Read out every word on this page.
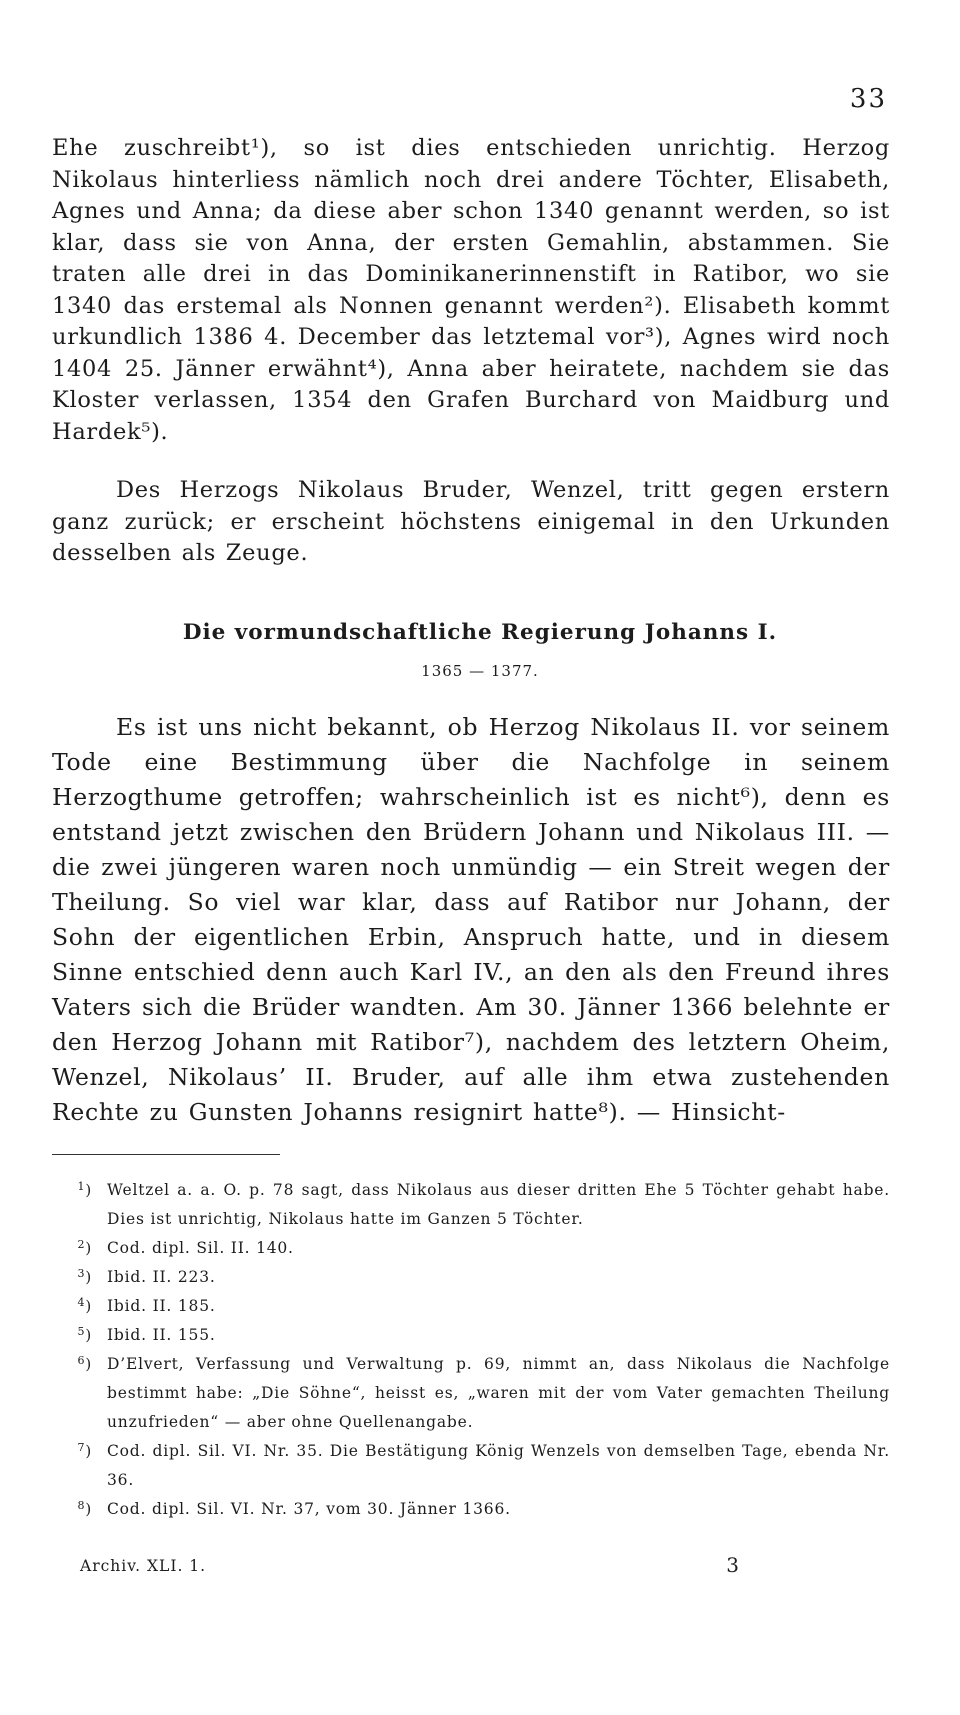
33

Ehe zuschreibt¹), so ist dies entschieden unrichtig. Herzog Nikolaus hinterliess nämlich noch drei andere Töchter, Elisabeth, Agnes und Anna; da diese aber schon 1340 genannt werden, so ist klar, dass sie von Anna, der ersten Gemahlin, abstammen. Sie traten alle drei in das Dominikanerinnenstift in Ratibor, wo sie 1340 das erstemal als Nonnen genannt werden²). Elisabeth kommt urkundlich 1386 4. December das letztemal vor³), Agnes wird noch 1404 25. Jänner erwähnt⁴), Anna aber heiratete, nachdem sie das Kloster verlassen, 1354 den Grafen Burchard von Maidburg und Hardek⁵).

Des Herzogs Nikolaus Bruder, Wenzel, tritt gegen erstern ganz zurück; er erscheint höchstens einigemal in den Urkunden desselben als Zeuge.

Die vormundschaftliche Regierung Johanns I.
1365 — 1377.

Es ist uns nicht bekannt, ob Herzog Nikolaus II. vor seinem Tode eine Bestimmung über die Nachfolge in seinem Herzogthume getroffen; wahrscheinlich ist es nicht⁶), denn es entstand jetzt zwischen den Brüdern Johann und Nikolaus III. — die zwei jüngeren waren noch unmündig — ein Streit wegen der Theilung. So viel war klar, dass auf Ratibor nur Johann, der Sohn der eigentlichen Erbin, Anspruch hatte, und in diesem Sinne entschied denn auch Karl IV., an den als den Freund ihres Vaters sich die Brüder wandten. Am 30. Jänner 1366 belehnte er den Herzog Johann mit Ratibor⁷), nachdem des letztern Oheim, Wenzel, Nikolaus’ II. Bruder, auf alle ihm etwa zustehenden Rechte zu Gunsten Johanns resignirt hatte⁸). — Hinsicht-

$^1$) Weltzel a. a. O. p. 78 sagt, dass Nikolaus aus dieser dritten Ehe 5 Töchter gehabt habe. Dies ist unrichtig, Nikolaus hatte im Ganzen 5 Töchter.
$^2$) Cod. dipl. Sil. II. 140.
$^3$) Ibid. II. 223.
$^4$) Ibid. II. 185.
$^5$) Ibid. II. 155.
$^6$) D’Elvert, Verfassung und Verwaltung p. 69, nimmt an, dass Nikolaus die Nachfolge bestimmt habe: „Die Söhne“, heisst es, „waren mit der vom Vater gemachten Theilung unzufrieden“ — aber ohne Quellenangabe.
$^7$) Cod. dipl. Sil. VI. Nr. 35. Die Bestätigung König Wenzels von demselben Tage, ebenda Nr. 36.
$^8$) Cod. dipl. Sil. VI. Nr. 37, vom 30. Jänner 1366.
Archiv. XLI. 1.	3
